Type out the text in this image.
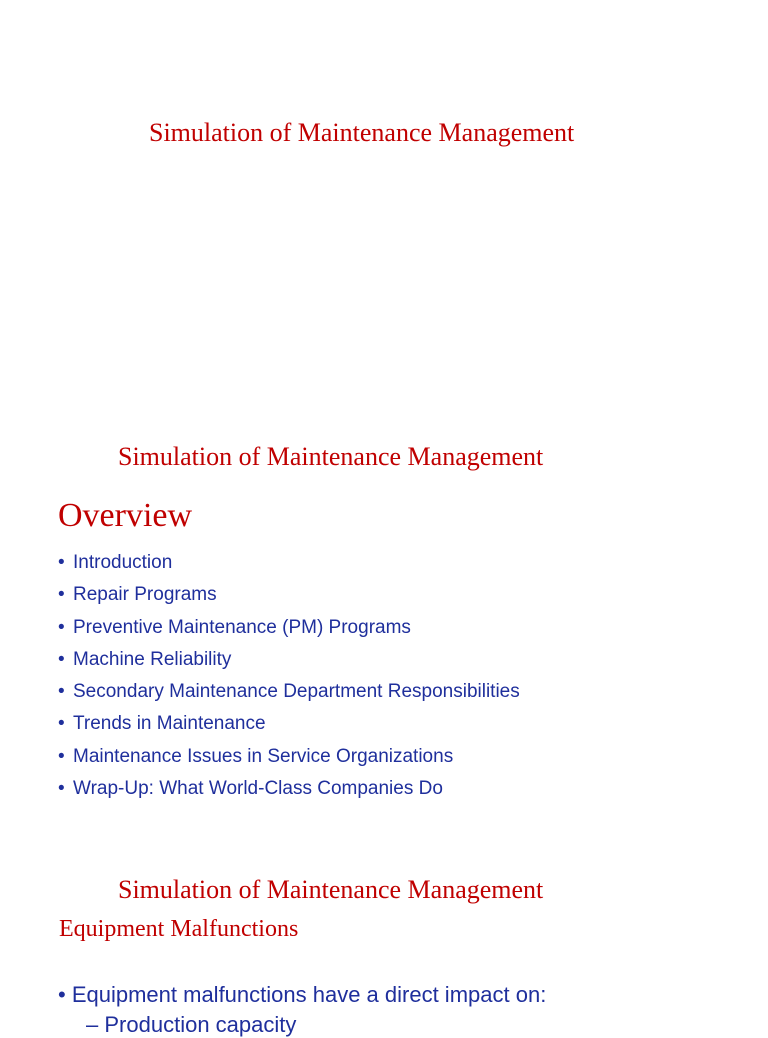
Simulation of Maintenance Management
Simulation of Maintenance Management
Overview
• Introduction
• Repair Programs
• Preventive Maintenance (PM) Programs
• Machine Reliability
• Secondary Maintenance Department Responsibilities
• Trends in Maintenance
• Maintenance Issues in Service Organizations
• Wrap-Up: What World-Class Companies Do
Simulation of Maintenance Management
Equipment Malfunctions
• Equipment malfunctions have a direct impact on:
– Production capacity
